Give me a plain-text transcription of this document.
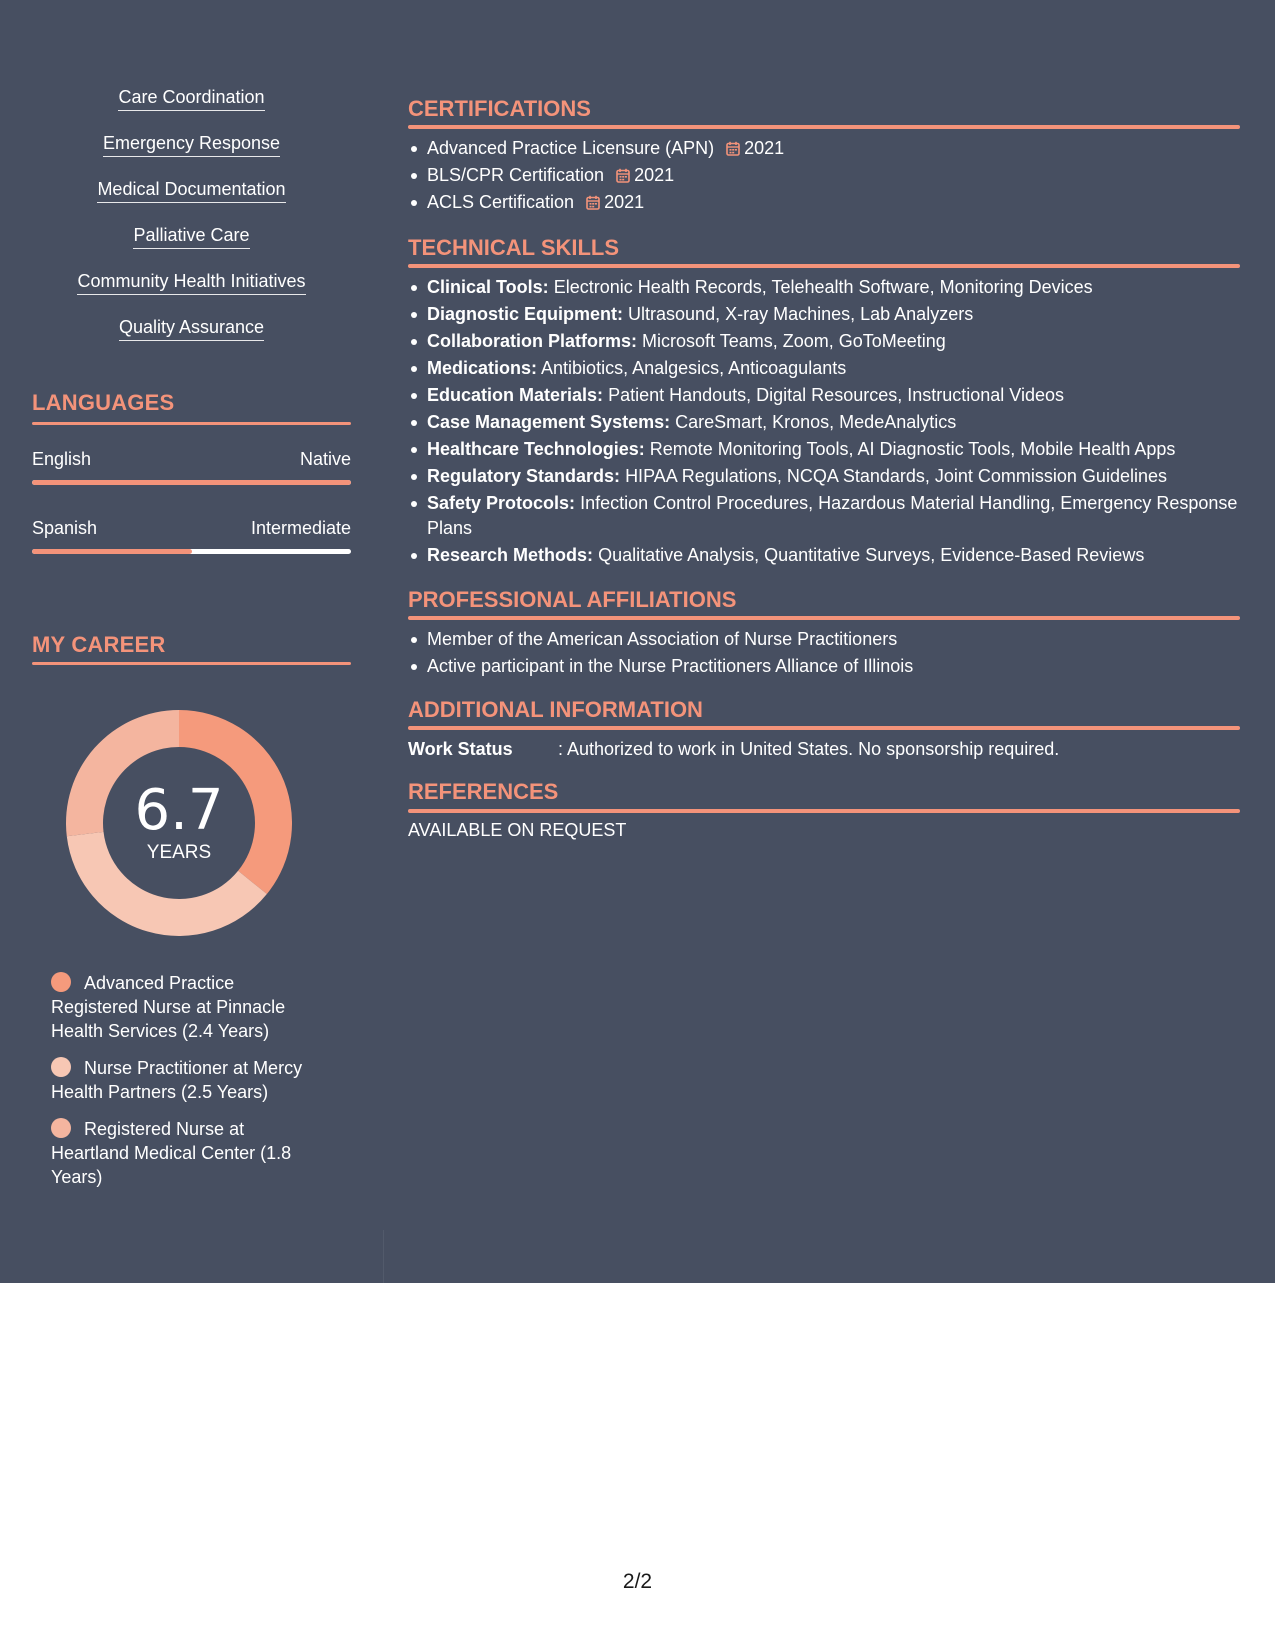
Care Coordination
Emergency Response
Medical Documentation
Palliative Care
Community Health Initiatives
Quality Assurance
LANGUAGES
English	Native
Spanish	Intermediate
MY CAREER
6.7
YEARS
Advanced Practice Registered Nurse at Pinnacle Health Services (2.4 Years)
Nurse Practitioner at Mercy Health Partners (2.5 Years)
Registered Nurse at Heartland Medical Center (1.8 Years)
CERTIFICATIONS
Advanced Practice Licensure (APN) 2021
BLS/CPR Certification 2021
ACLS Certification 2021
TECHNICAL SKILLS
Clinical Tools: Electronic Health Records, Telehealth Software, Monitoring Devices
Diagnostic Equipment: Ultrasound, X-ray Machines, Lab Analyzers
Collaboration Platforms: Microsoft Teams, Zoom, GoToMeeting
Medications: Antibiotics, Analgesics, Anticoagulants
Education Materials: Patient Handouts, Digital Resources, Instructional Videos
Case Management Systems: CareSmart, Kronos, MedeAnalytics
Healthcare Technologies: Remote Monitoring Tools, AI Diagnostic Tools, Mobile Health Apps
Regulatory Standards: HIPAA Regulations, NCQA Standards, Joint Commission Guidelines
Safety Protocols: Infection Control Procedures, Hazardous Material Handling, Emergency Response Plans
Research Methods: Qualitative Analysis, Quantitative Surveys, Evidence-Based Reviews
PROFESSIONAL AFFILIATIONS
Member of the American Association of Nurse Practitioners
Active participant in the Nurse Practitioners Alliance of Illinois
ADDITIONAL INFORMATION
Work Status	: Authorized to work in United States. No sponsorship required.
REFERENCES
AVAILABLE ON REQUEST
2/2
